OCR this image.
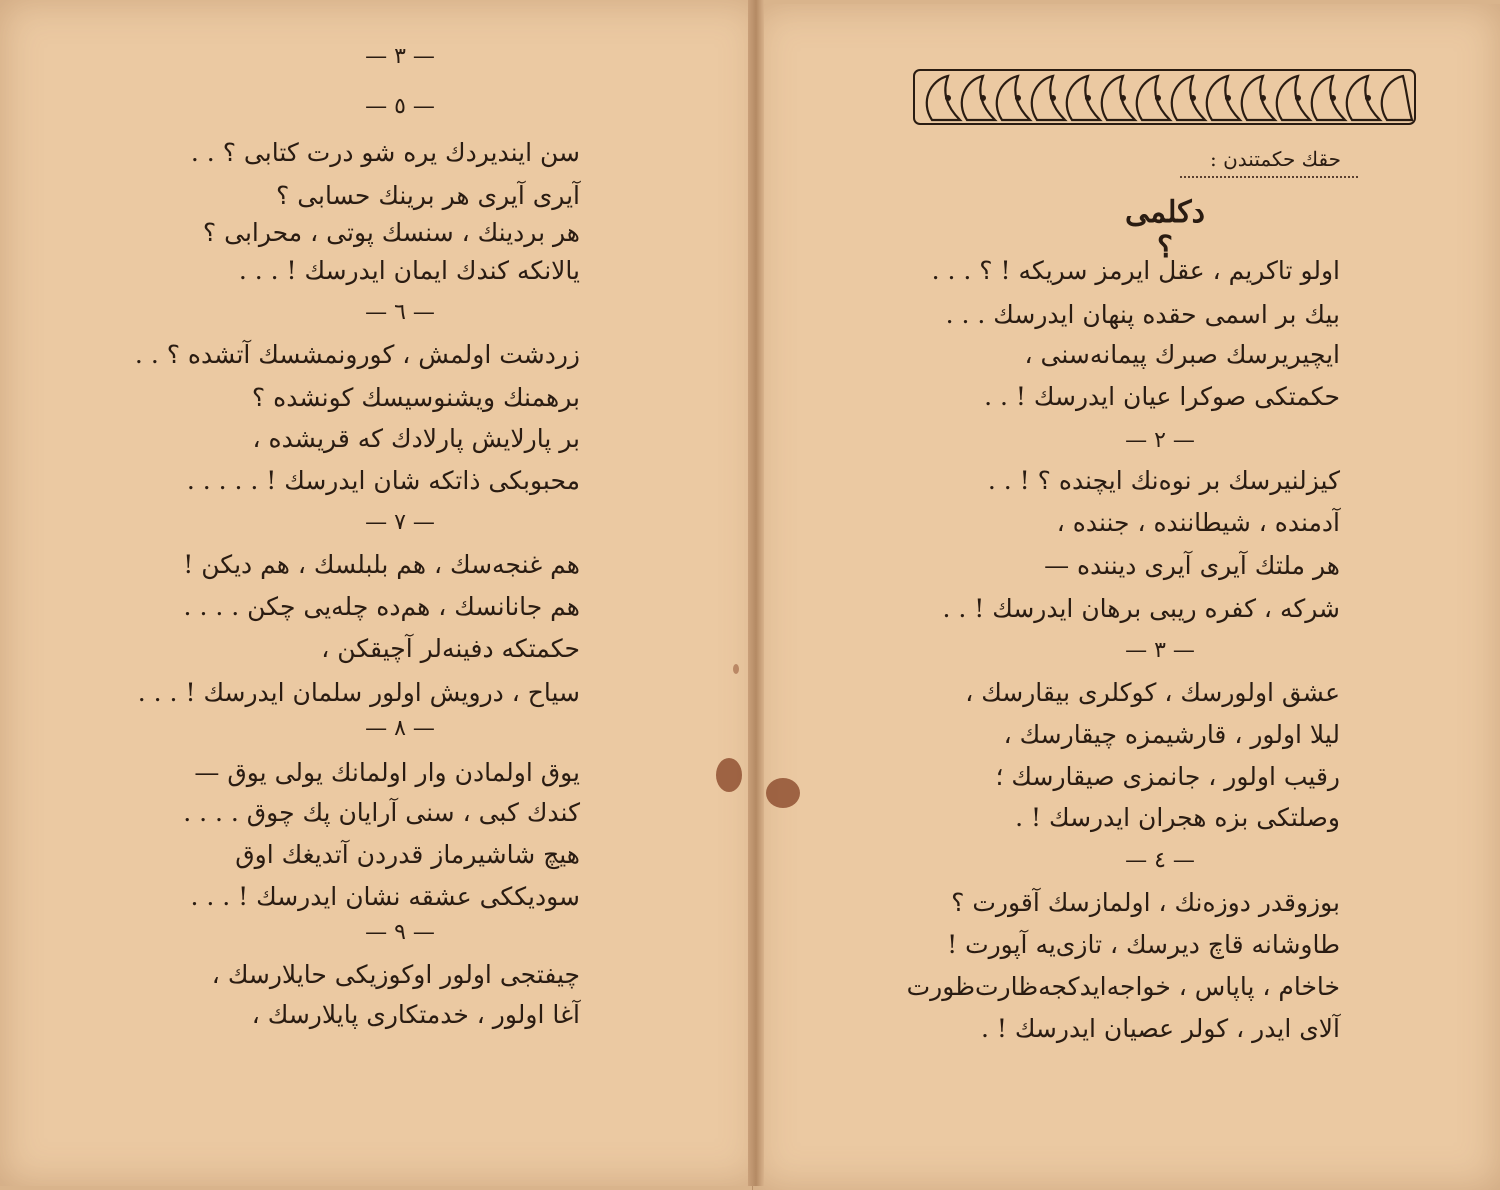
— ٣ —
— ٥ —
سن ایندیردك یره شو درت کتابی ؟ . .
آیری آیری هر برینك حسابی ؟
هر بردینك ، سنسك پوتی ، محرابی ؟
یالانکه کندك ایمان ایدرسك ! . . .
— ٦ —
زردشت اولمش ، کورونمشسك آتشده ؟ . .
برهمنك ویشنوسیسك کونشده ؟
بر پارلایش پارلادك که قریشده ،
محبوبکی ذاتکه شان ایدرسك ! . . . . .
— ٧ —
هم غنجه‌سك ، هم بلبلسك ، هم دیکن !
هم جانانسك ، هم‌ده چله‌یی چکن . . . .
حکمتکه دفینه‌لر آچیقکن ،
سیاح ، درویش اولور سلمان ایدرسك ! . . .
— ٨ —
یوق اولمادن وار اولمانك یولی یوق —
کندك کبی ، سنی آرایان پك چوق . . . .
هیچ شاشیرماز قدردن آتدیغك اوق
سودیککی عشقه نشان ایدرسك ! . . .
— ٩ —
چیفتجی اولور اوکوزیکی حایلارسك ،
آغا اولور ، خدمتکاری پایلارسك ،
حقك حکمتندن :
دکلمی ؟
اولو تاکریم ، عقل ایرمز سریکه ! ؟ . . .
بیك بر اسمی حقده پنهان ایدرسك . . .
ایچیریرسك صبرك پیمانه‌سنی ،
حکمتکی صوکرا عیان ایدرسك ! . .
— ٢ —
کیزلنیرسك بر نوه‌نك ایچنده ؟ ! . .
آدمنده ، شیطاننده ، جننده ،
هر ملتك آیری آیری دیننده —
شرکه ، کفره ریبی برهان ایدرسك ! . .
— ٣ —
عشق اولورسك ، کوکلری بیقارسك ،
لیلا اولور ، قارشیمزه چیقارسك ،
رقیب اولور ، جانمزی صیقارسك ؛
وصلتکی بزه هجران ایدرسك ! .
— ٤ —
بوزوقدر دوزه‌نك ، اولمازسك آقورت ؟
طاوشانه قاچ دیرسك ، تازی‌یه آپورت !
خاخام ، پاپاس ، خواجه‌ایدکجه‌ظارت‌ظورت
آلای ایدر ، کولر عصیان ایدرسك ! .
